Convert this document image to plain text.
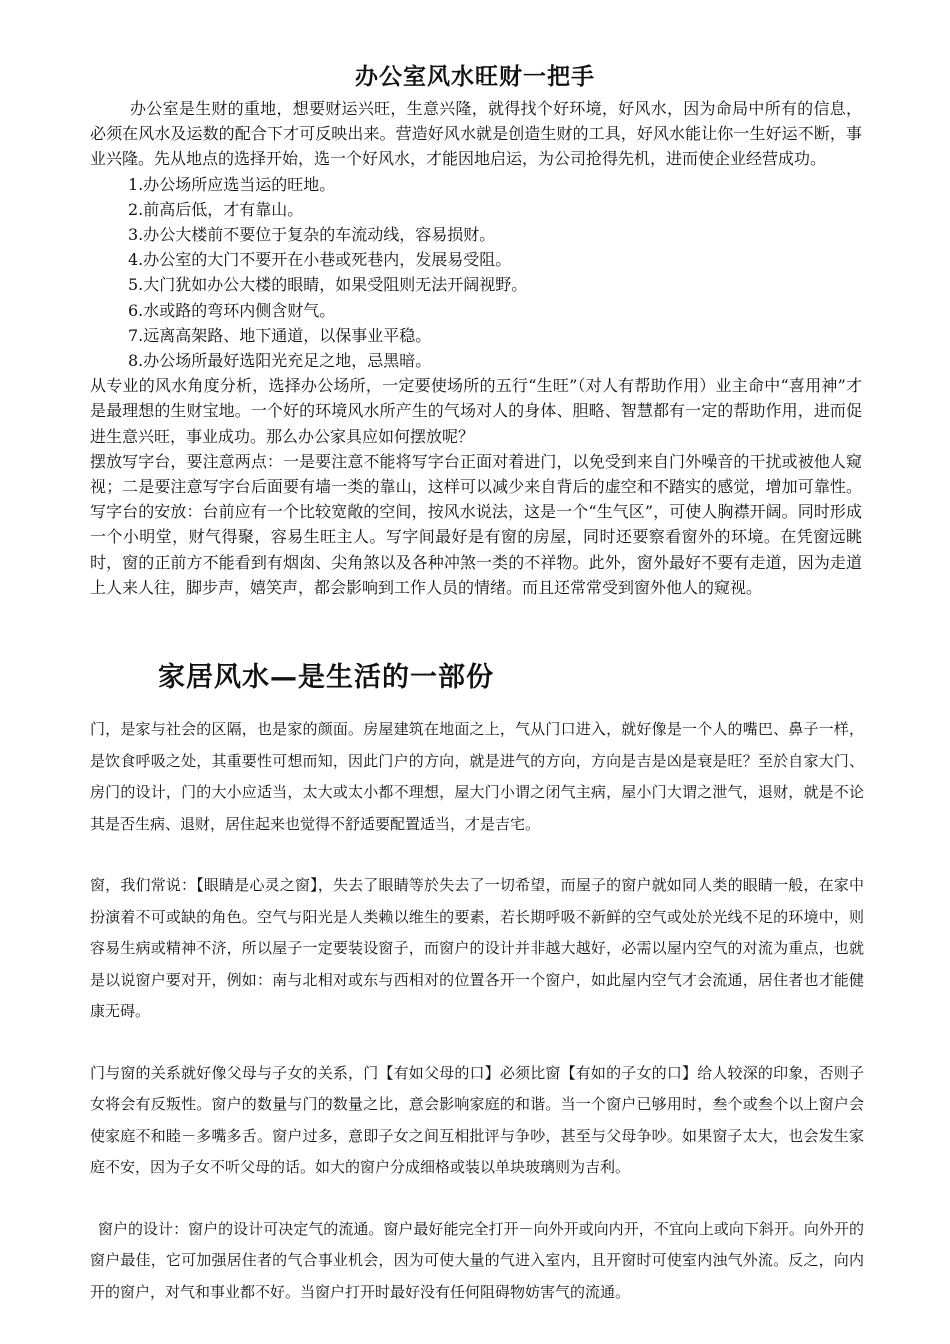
办公室风水旺财一把手

办公室是生财的重地，想要财运兴旺，生意兴隆，就得找个好环境，好风水，因为命局中所有的信息，必须在风水及运数的配合下才可反映出来。营造好风水就是创造生财的工具，好风水能让你一生好运不断，事业兴隆。先从地点的选择开始，选一个好风水，才能因地启运，为公司抢得先机，进而使企业经营成功。

1.办公场所应选当运的旺地。
2.前高后低，才有靠山。
3.办公大楼前不要位于复杂的车流动线，容易损财。
4.办公室的大门不要开在小巷或死巷内，发展易受阻。
5.大门犹如办公大楼的眼睛，如果受阻则无法开阔视野。
6.水或路的弯环内侧含财气。
7.远离高架路、地下通道，以保事业平稳。
8.办公场所最好选阳光充足之地，忌黑暗。

从专业的风水角度分析，选择办公场所，一定要使场所的五行“生旺”（对人有帮助作用）业主命中“喜用神”才是最理想的生财宝地。一个好的环境风水所产生的气场对人的身体、胆略、智慧都有一定的帮助作用，进而促进生意兴旺，事业成功。那么办公家具应如何摆放呢？

摆放写字台，要注意两点：一是要注意不能将写字台正面对着进门，以免受到来自门外噪音的干扰或被他人窥视；二是要注意写字台后面要有墙一类的靠山，这样可以减少来自背后的虚空和不踏实的感觉，增加可靠性。 写字台的安放：台前应有一个比较宽敞的空间，按风水说法，这是一个“生气区”，可使人胸襟开阔。同时形成一个小明堂，财气得聚，容易生旺主人。写字间最好是有窗的房屋，同时还要察看窗外的环境。在凭窗远眺时，窗的正前方不能看到有烟囱、尖角煞以及各种冲煞一类的不祥物。此外，窗外最好不要有走道，因为走道上人来人往，脚步声，嬉笑声，都会影响到工作人员的情绪。而且还常常受到窗外他人的窥视。

家居风水—是生活的一部份

门，是家与社会的区隔，也是家的颜面。房屋建筑在地面之上，气从门口进入，就好像是一个人的嘴巴、鼻子一样，是饮食呼吸之处，其重要性可想而知，因此门户的方向，就是进气的方向，方向是吉是凶是衰是旺？至於自家大门、房门的设计，门的大小应适当，太大或太小都不理想，屋大门小谓之闭气主病，屋小门大谓之泄气，退财，就是不论其是否生病、退财，居住起来也觉得不舒适要配置适当，才是吉宅。

窗，我们常说：【眼睛是心灵之窗】，失去了眼睛等於失去了一切希望，而屋子的窗户就如同人类的眼睛一般，在家中扮演着不可或缺的角色。空气与阳光是人类赖以维生的要素，若长期呼吸不新鲜的空气或处於光线不足的环境中，则容易生病或精神不济，所以屋子一定要装设窗子，而窗户的设计并非越大越好，必需以屋内空气的对流为重点，也就是以说窗户要对开，例如：南与北相对或东与西相对的位置各开一个窗户，如此屋内空气才会流通，居住者也才能健康无碍。

门与窗的关系就好像父母与子女的关系，门【有如父母的口】必须比窗【有如的子女的口】给人较深的印象，否则子女将会有反叛性。窗户的数量与门的数量之比，意会影响家庭的和谐。当一个窗户已够用时，叁个或叁个以上窗户会使家庭不和睦－多嘴多舌。窗户过多，意即子女之间互相批评与争吵，甚至与父母争吵。如果窗子太大，也会发生家庭不安，因为子女不听父母的话。如大的窗户分成细格或装以单块玻璃则为吉利。

窗户的设计：窗户的设计可决定气的流通。窗户最好能完全打开－向外开或向内开，不宜向上或向下斜开。向外开的窗户最佳，它可加强居住者的气合事业机会，因为可使大量的气进入室内，且开窗时可使室内浊气外流。反之，向内开的窗户，对气和事业都不好。当窗户打开时最好没有任何阻碍物妨害气的流通。
